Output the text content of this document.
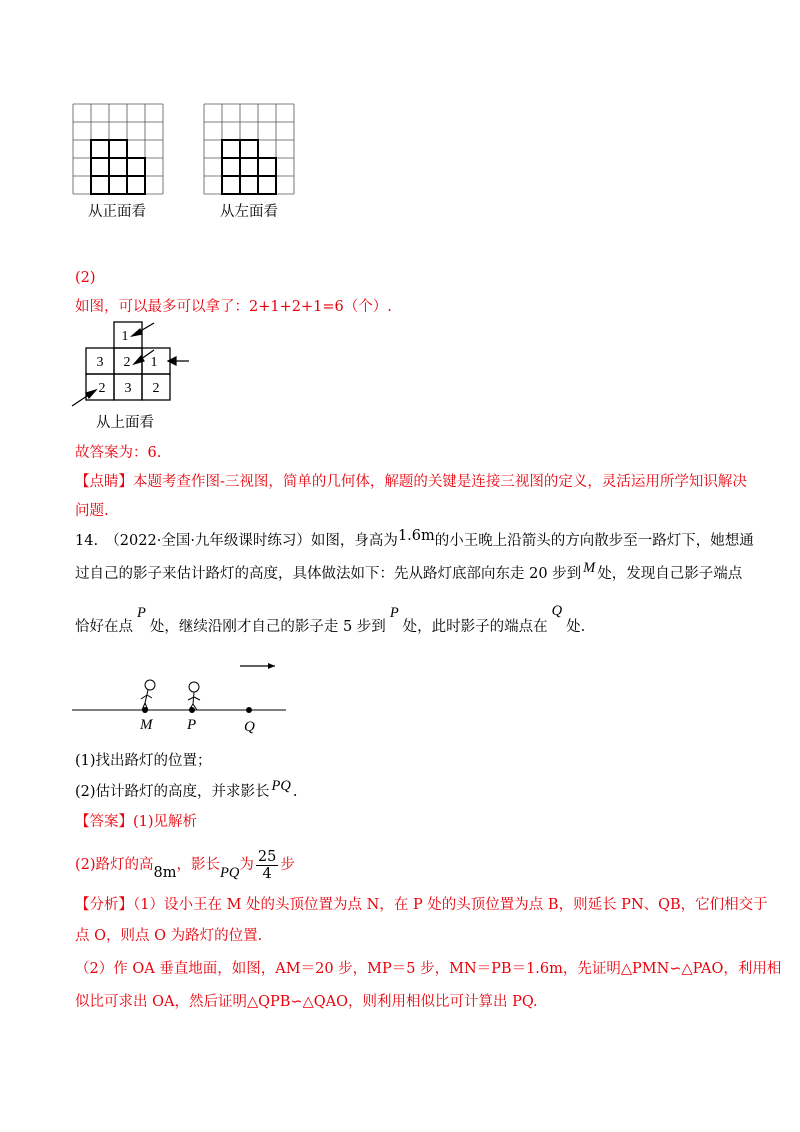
从正面看	从左面看
(2)
如图，可以最多可以拿了：2+1+2+1=6（个）.
1
3 2 1
2 3 2
从上面看
故答案为：6.
【点睛】本题考查作图-三视图，简单的几何体，解题的关键是连接三视图的定义，灵活运用所学知识解决
问题.
14.　（2022·全国·九年级课时练习）如图，身高为1.6m的小王晚上沿箭头的方向散步至一路灯下，她想通
过自己的影子来估计路灯的高度，具体做法如下：先从路灯底部向东走 20 步到 M 处，发现自己影子端点
恰好在点P处，继续沿刚才自己的影子走 5 步到P处，此时影子的端点在Q处.
M P	Q
(1)找出路灯的位置；
(2)估计路灯的高度，并求影长 PQ .
【答案】(1)见解析
(2)路灯的高8m，影长PQ为 $\frac{25}{4}$ 步
【分析】（1）设小王在 M 处的头顶位置为点 N，在 P 处的头顶位置为点 B，则延长 PN、QB，它们相交于
点 O，则点 O 为路灯的位置.
（2）作 OA 垂直地面，如图，AM＝20 步，MP＝5 步，MN＝PB＝1.6m，先证明△PMN∽△PAO，利用相
似比可求出 OA，然后证明△QPB∽△QAO，则利用相似比可计算出 PQ.
